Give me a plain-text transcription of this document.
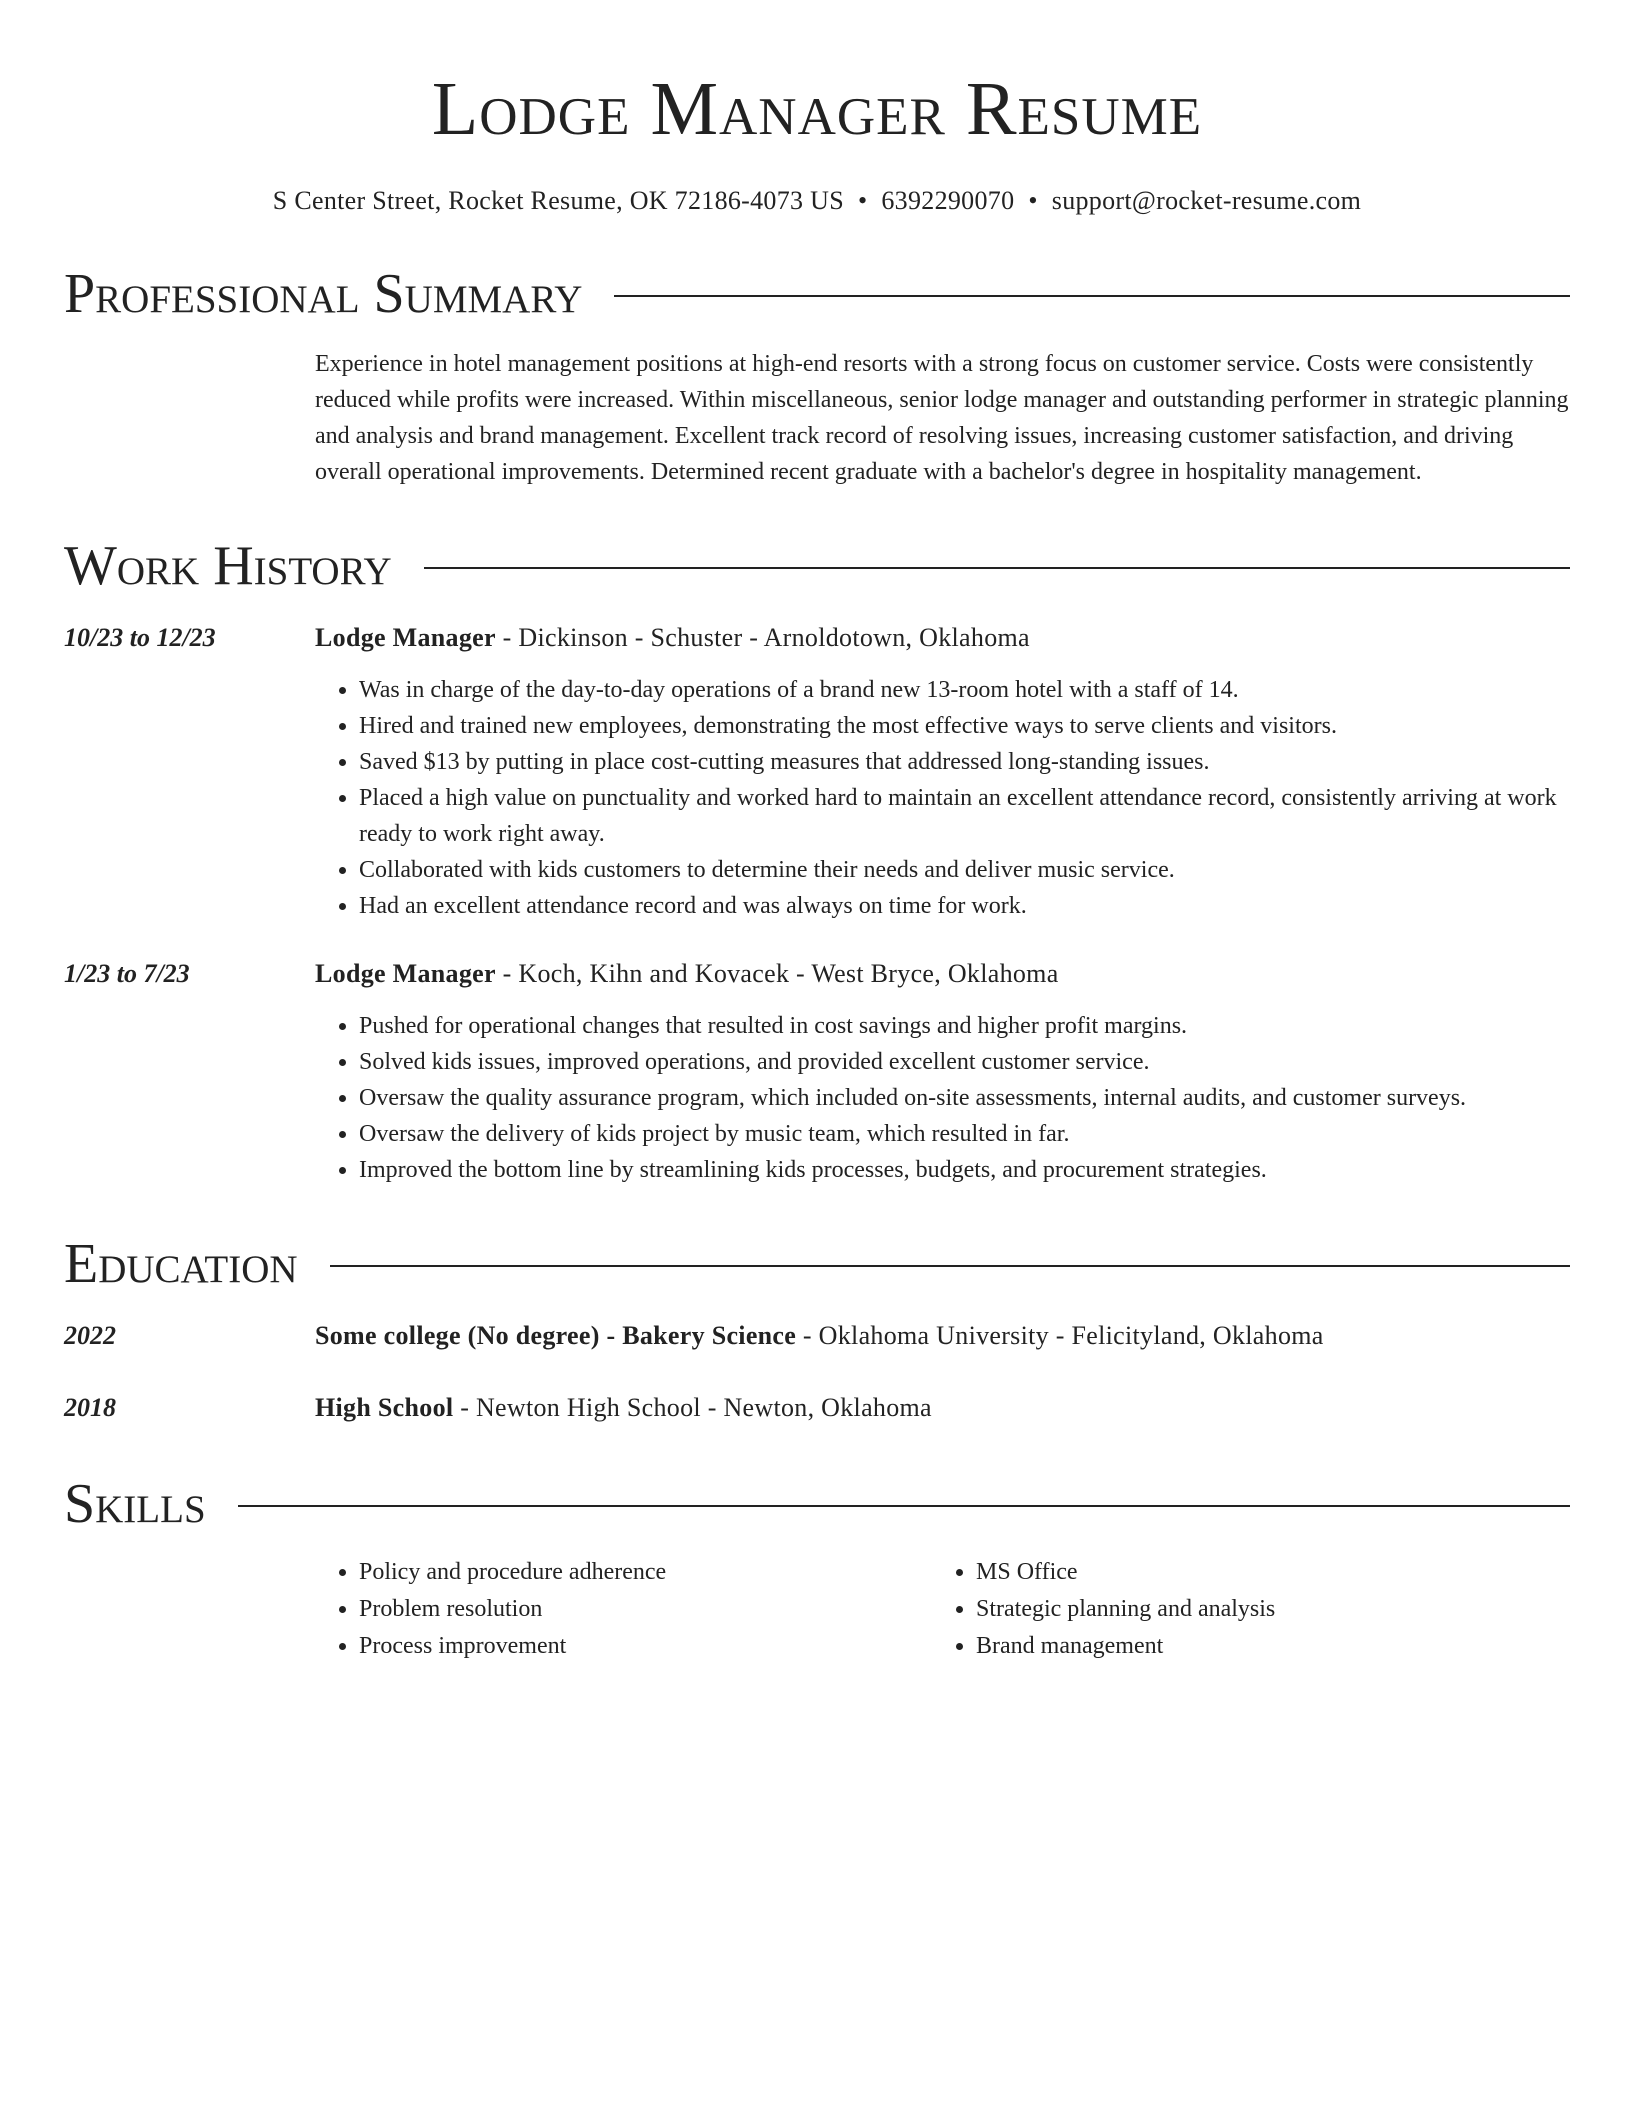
Lodge Manager Resume
S Center Street, Rocket Resume, OK 72186-4073 US • 6392290070 • support@rocket-resume.com
Professional Summary
Experience in hotel management positions at high-end resorts with a strong focus on customer service. Costs were consistently reduced while profits were increased. Within miscellaneous, senior lodge manager and outstanding performer in strategic planning and analysis and brand management. Excellent track record of resolving issues, increasing customer satisfaction, and driving overall operational improvements. Determined recent graduate with a bachelor's degree in hospitality management.
Work History
10/23 to 12/23	Lodge Manager - Dickinson - Schuster - Arnoldotown, Oklahoma
• Was in charge of the day-to-day operations of a brand new 13-room hotel with a staff of 14.
• Hired and trained new employees, demonstrating the most effective ways to serve clients and visitors.
• Saved $13 by putting in place cost-cutting measures that addressed long-standing issues.
• Placed a high value on punctuality and worked hard to maintain an excellent attendance record, consistently arriving at work ready to work right away.
• Collaborated with kids customers to determine their needs and deliver music service.
• Had an excellent attendance record and was always on time for work.
1/23 to 7/23	Lodge Manager - Koch, Kihn and Kovacek - West Bryce, Oklahoma
• Pushed for operational changes that resulted in cost savings and higher profit margins.
• Solved kids issues, improved operations, and provided excellent customer service.
• Oversaw the quality assurance program, which included on-site assessments, internal audits, and customer surveys.
• Oversaw the delivery of kids project by music team, which resulted in far.
• Improved the bottom line by streamlining kids processes, budgets, and procurement strategies.
Education
2022	Some college (No degree) - Bakery Science - Oklahoma University - Felicityland, Oklahoma
2018	High School - Newton High School - Newton, Oklahoma
Skills
• Policy and procedure adherence
• Problem resolution
• Process improvement
• MS Office
• Strategic planning and analysis
• Brand management
